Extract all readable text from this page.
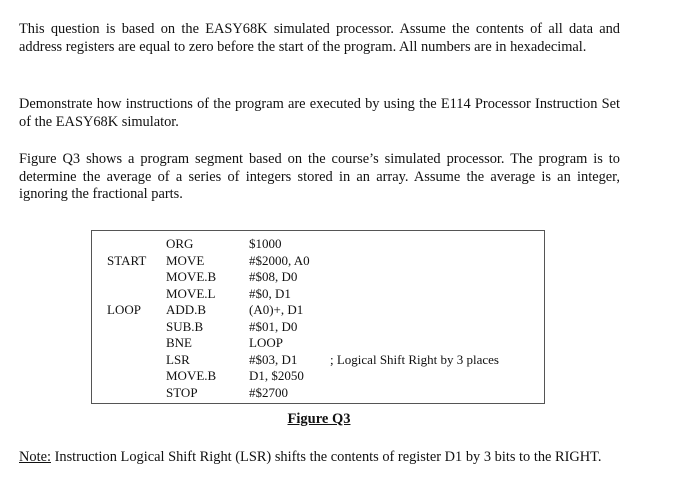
This question is based on the EASY68K simulated processor. Assume the contents of all data and address registers are equal to zero before the start of the program. All numbers are in hexadecimal.

Demonstrate how instructions of the program are executed by using the E114 Processor Instruction Set of the EASY68K simulator.

Figure Q3 shows a program segment based on the course’s simulated processor. The program is to determine the average of a series of integers stored in an array. Assume the average is an integer, ignoring the fractional parts.

ORG	$1000
START MOVE	#$2000, A0
MOVE.B	#$08, D0
MOVE.L	#$0, D1
LOOP ADD.B	(A0)+, D1
SUB.B	#$01, D0
BNE	LOOP
LSR	#$03, D1	; Logical Shift Right by 3 places
MOVE.B	D1, $2050
STOP	#$2700
Figure Q3

Note: Instruction Logical Shift Right (LSR) shifts the contents of register D1 by 3 bits to the RIGHT.
